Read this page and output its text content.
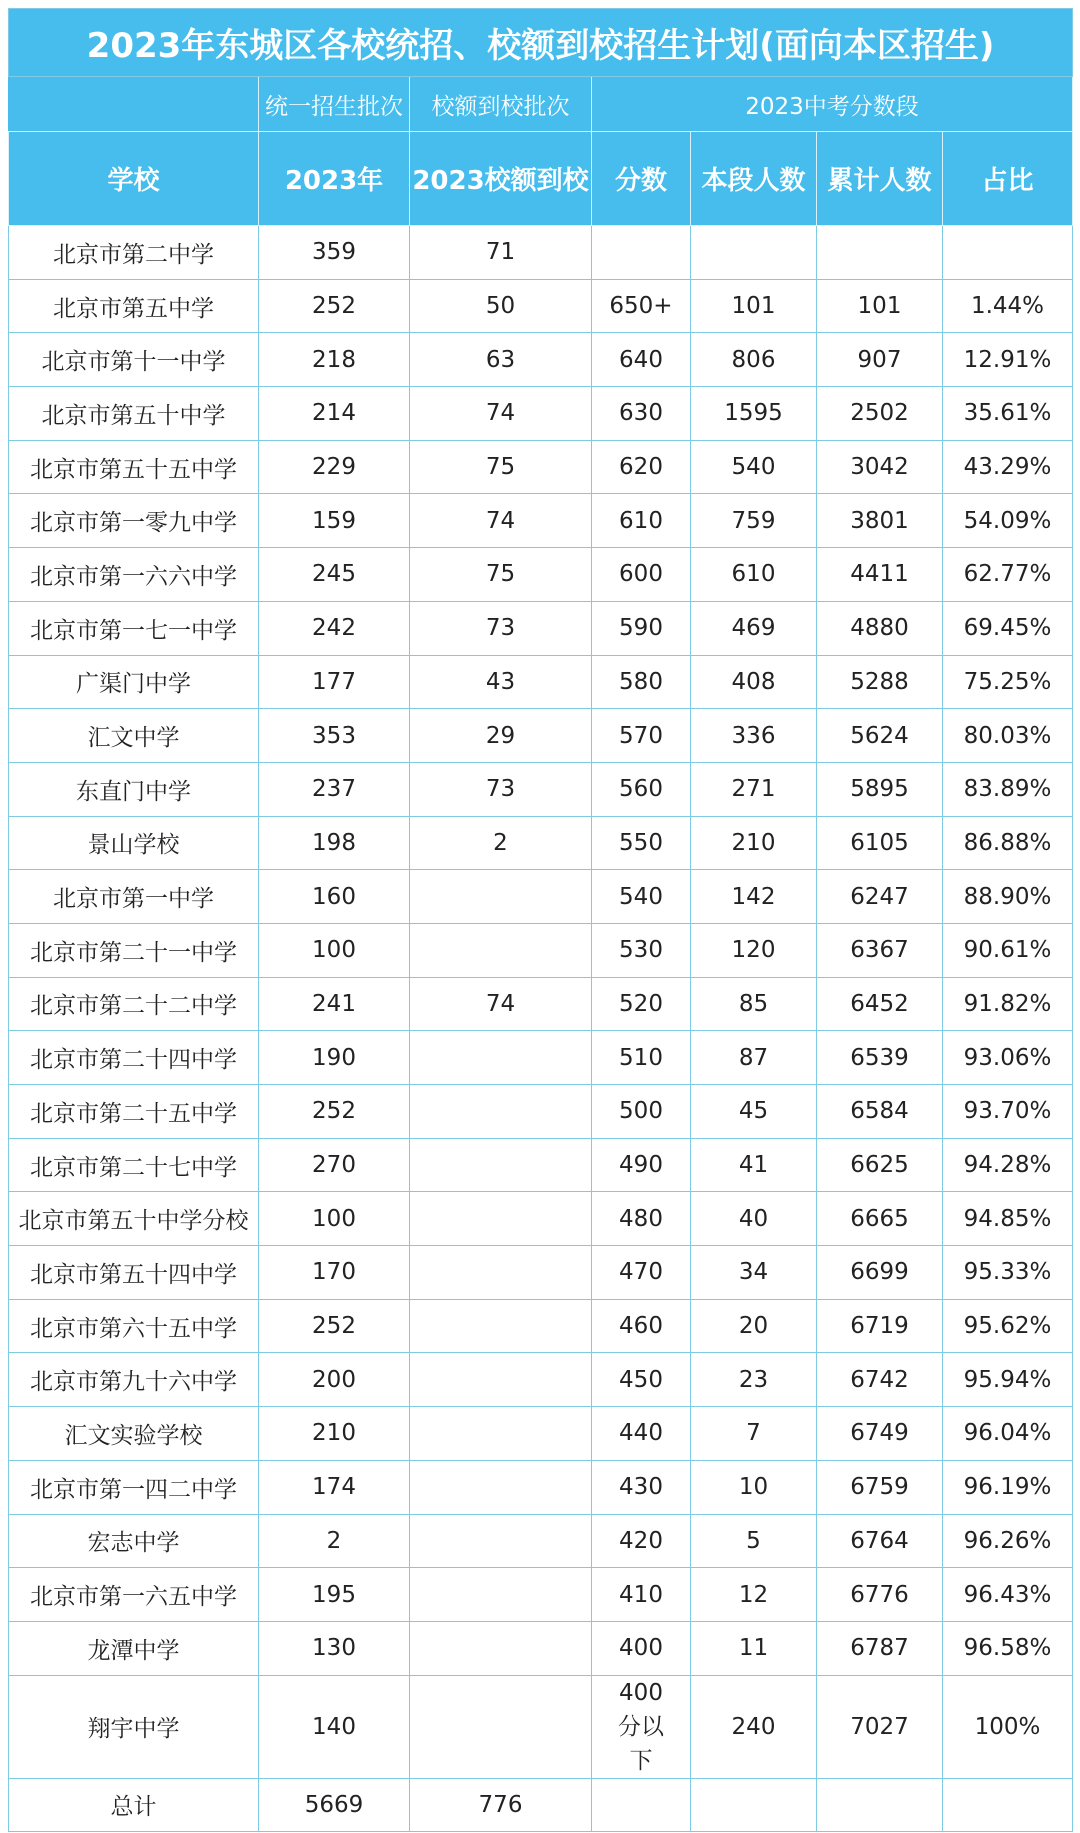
2023年东城区各校统招、校额到校招生计划(面向本区招生)						
	统一招生批次	校额到校批次	2023中考分数段			
学校	2023年	2023校额到校	分数	本段人数	累计人数	占比
北京市第二中学	359	71				
北京市第五中学	252	50	650+	101	101	1.44%
北京市第十一中学	218	63	640	806	907	12.91%
北京市第五十中学	214	74	630	1595	2502	35.61%
北京市第五十五中学	229	75	620	540	3042	43.29%
北京市第一零九中学	159	74	610	759	3801	54.09%
北京市第一六六中学	245	75	600	610	4411	62.77%
北京市第一七一中学	242	73	590	469	4880	69.45%
广渠门中学	177	43	580	408	5288	75.25%
汇文中学	353	29	570	336	5624	80.03%
东直门中学	237	73	560	271	5895	83.89%
景山学校	198	2	550	210	6105	86.88%
北京市第一中学	160		540	142	6247	88.90%
北京市第二十一中学	100		530	120	6367	90.61%
北京市第二十二中学	241	74	520	85	6452	91.82%
北京市第二十四中学	190		510	87	6539	93.06%
北京市第二十五中学	252		500	45	6584	93.70%
北京市第二十七中学	270		490	41	6625	94.28%
北京市第五十中学分校	100		480	40	6665	94.85%
北京市第五十四中学	170		470	34	6699	95.33%
北京市第六十五中学	252		460	20	6719	95.62%
北京市第九十六中学	200		450	23	6742	95.94%
汇文实验学校	210		440	7	6749	96.04%
北京市第一四二中学	174		430	10	6759	96.19%
宏志中学	2		420	5	6764	96.26%
北京市第一六五中学	195		410	12	6776	96.43%
龙潭中学	130		400	11	6787	96.58%
翔宇中学	140		400分以下	240	7027	100%
总计	5669	776				
